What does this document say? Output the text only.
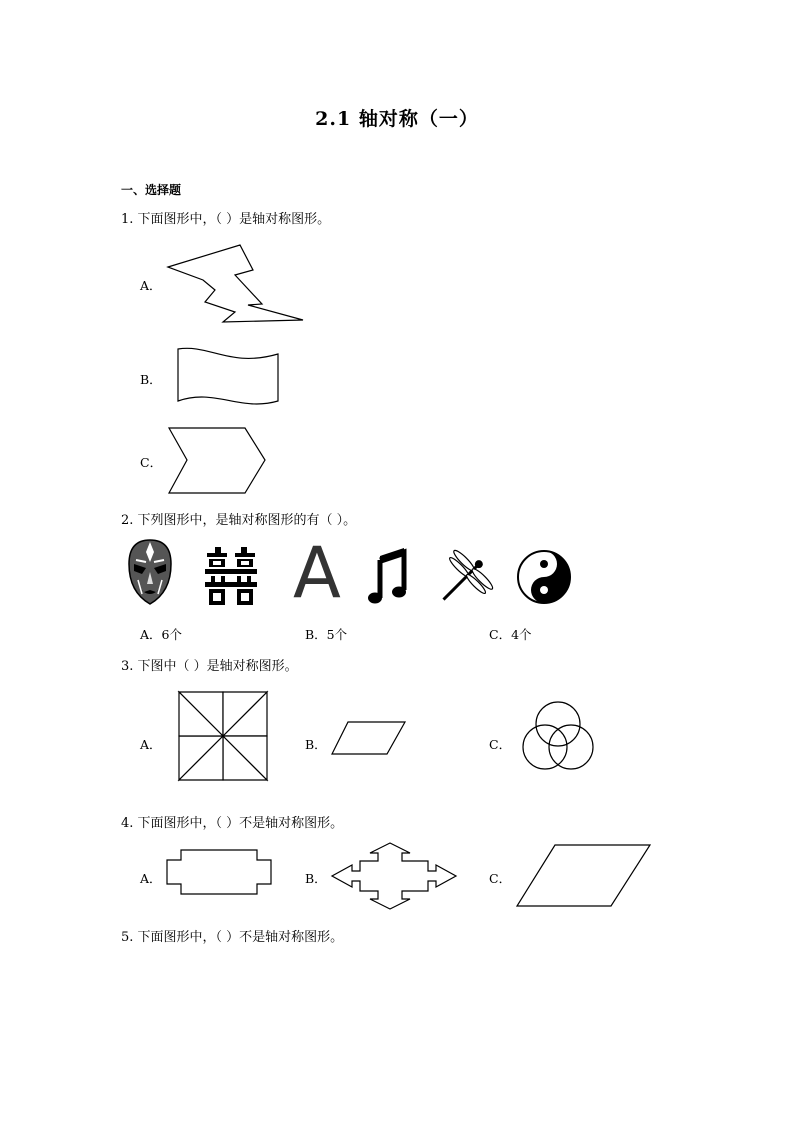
2.1 轴对称（一）
一、选择题
1. 下面图形中，（ ）是轴对称图形。
A．
B．
C．
2. 下列图形中，是轴对称图形的有（ ）。
A
A．6个	B．5个	C．4个
3. 下图中（ ）是轴对称图形。
A．	B．	C．
4. 下面图形中，（ ）不是轴对称图形。
A．	B．	C．
5. 下面图形中，（ ）不是轴对称图形。
